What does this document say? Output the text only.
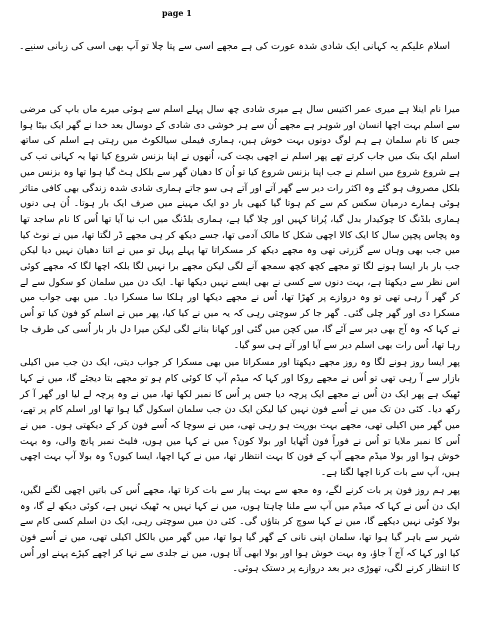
page 1
اسلام علیکم یہ کہانی ایک شادی شدہ عورت کی ہے مجھے اسی سے پتا چلا تو آپ بھی اسی کی زبانی سنیے۔

میرا نام اینلا ہے میری عمر اکتیس سال ہے میری شادی چھ سال پہلے اسلم سے ہوئی میرے ماں باپ کی مرضی سے اسلم بہت اچھا انسان اور شوہر ہے مجھے اُن سے ہر خوشی دی شادی کے دوسال بعد خدا نے گھر ایک بیٹا ہوا جس کا نام سلمان ہے ہم لوگ دونوں بہت خوش ہیں، ہماری فیملی سیالکوٹ میں رہتی ہے اسلم کی ساتھ اسلم ایک بنک میں جاب کرتے تھے پھر اسلم نے اچھی بچت کی، اُنھوں نے اپنا بزنس شروع کیا تھا یہ کہانی تب کی ہے شروع شروع میں اسلم نے جب اپنا بزنس شروع کیا تو اُن کا دھیان گھر سے بلکل ہٹ گیا ہوا تھا وہ بزنس میں بلکل مصروف ہو گئے وہ اکثر رات دیر سے گھر آتے اور آتے ہی سو جاتے ہماری شادی شدہ زندگی بھی کافی متاثر ہوئی ہمارے درمیان سکس کم سے کم ہوتا گیا کبھی بار دو ایک مہینے میں صرف ایک بار ہوتا۔ اُن ہی دنوں ہماری بلڈنگ کا چوکیدار بدل گیا، پُرانا کہیں اور چلا گیا ہے، ہماری بلڈنگ میں اب نیا آیا تھا اُس کا نام ساجد تھا وہ پچاس پچپن سال کا ایک کالا اچھی شکل کا مالک آدمی تھا، جسے دیکھ کر ہی مجھے ڈر لگتا تھا، میں نے نوٹ کیا میں جب بھی وہاں سے گزرتی تھی وہ مجھے دیکھ کر مسکراتا تھا پہلے پہل تو میں نے اتنا دھیان نہیں دیا لیکن جب بار بار ایسا ہونے لگا تو مجھے کچھ کچھ سمجھ آنے لگی لیکن مجھے برا نہیں لگا بلکہ اچھا لگا کہ مجھے کوئی اس نظر سے دیکھتا ہے، بہت دنوں سے کسی نے بھی ایسے نہیں دیکھا تھا۔ ایک دن میں سلمان کو سکول سے لے کر گھر آ رہی تھی تو وہ دروازے پر کھڑا تھا، اُس نے مجھے دیکھا اور ہلکا سا مسکرا دیا۔ میں بھی جواب میں مسکرا دی اور گھر چلی گئی۔ گھر جا کر سوچتی رہی کہ یہ میں نے کیا کیا، پھر میں نے اسلم کو فون کیا تو اُس نے کہا کہ وہ آج بھی دیر سے آئے گا، میں کچن میں گئی اور کھانا بنانے لگی لیکن میرا دل بار بار اُسی کی طرف جا رہا تھا، اُس رات بھی اسلم دیر سے آیا اور آتے ہی سو گیا۔

پھر ایسا روز ہونے لگا وہ روز مجھے دیکھتا اور مسکراتا میں بھی مسکرا کر جواب دیتی، ایک دن جب میں اکیلی بازار سے آ رہی تھی تو اُس نے مجھے روکا اور کہا کہ میڈم آپ کا کوئی کام ہو تو مجھے بتا دیجئے گا، میں نے کہا ٹھیک ہے پھر ایک دن اُس نے مجھے ایک پرچہ دیا جس پر اُس کا نمبر لکھا تھا، میں نے وہ پرچہ لے لیا اور گھر آ کر رکھ دیا۔ کئی دن تک میں نے اُسے فون نہیں کیا لیکن ایک دن جب سلمان اسکول گیا ہوا تھا اور اسلم کام پر تھے، میں گھر میں اکیلی تھی، مجھے بہت بوریت ہو رہی تھی، میں نے سوچا کہ اُسے فون کر کے دیکھتی ہوں۔ میں نے اُس کا نمبر ملایا تو اُس نے فوراً فون اُٹھایا اور بولا کون؟ میں نے کہا میں ہوں، فلیٹ نمبر پانچ والی، وہ بہت خوش ہوا اور بولا میڈم مجھے آپ کے فون کا بہت انتظار تھا، میں نے کہا اچھا، ایسا کیوں؟ وہ بولا آپ بہت اچھی ہیں، آپ سے بات کرنا اچھا لگتا ہے۔

پھر ہم روز فون پر بات کرنے لگے، وہ مجھ سے بہت پیار سے بات کرتا تھا، مجھے اُس کی باتیں اچھی لگنے لگیں، ایک دن اُس نے کہا کہ میڈم میں آپ سے ملنا چاہتا ہوں، میں نے کہا نہیں یہ ٹھیک نہیں ہے، کوئی دیکھ لے گا، وہ بولا کوئی نہیں دیکھے گا، میں نے کہا سوچ کر بتاؤں گی۔ کئی دن میں سوچتی رہی، ایک دن اسلم کسی کام سے شہر سے باہر گیا ہوا تھا، سلمان اپنی نانی کے گھر گیا ہوا تھا، میں گھر میں بالکل اکیلی تھی، میں نے اُسے فون کیا اور کہا کہ آج آ جاؤ، وہ بہت خوش ہوا اور بولا ابھی آتا ہوں، میں نے جلدی سے نہا کر اچھے کپڑے پہنے اور اُس کا انتظار کرنے لگی، تھوڑی دیر بعد دروازے پر دستک ہوئی۔
